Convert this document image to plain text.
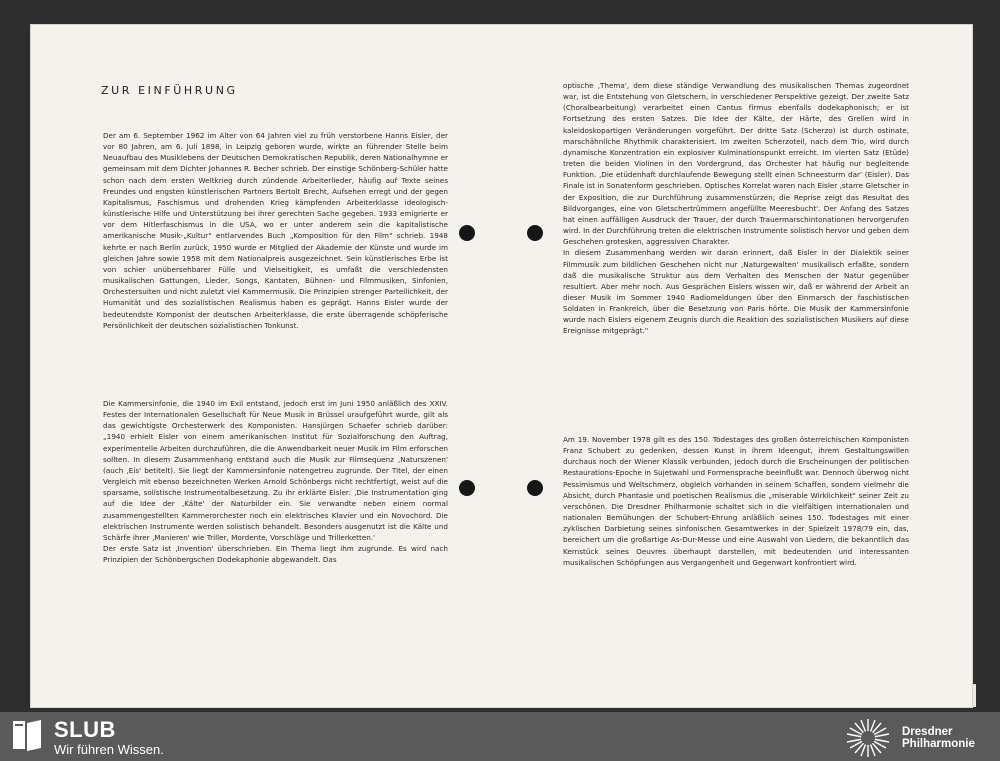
ZUR EINFÜHRUNG
Der am 6. September 1962 im Alter von 64 Jahren viel zu früh verstorbene Hanns Eisler, der vor 80 Jahren, am 6. Juli 1898, in Leipzig geboren wurde, wirkte an führender Stelle beim Neuaufbau des Musiklebens der Deutschen Demokratischen Republik, deren Nationalhymne er gemeinsam mit dem Dichter Johannes R. Becher schrieb. Der einstige Schönberg-Schüler hatte schon nach dem ersten Weltkrieg durch zündende Arbeiterlieder, häufig auf Texte seines Freundes und engsten künstlerischen Partners Bertolt Brecht, Aufsehen erregt und der gegen Kapitalismus, Faschismus und drohenden Krieg kämpfenden Arbeiterklasse ideologisch-künstlerische Hilfe und Unterstützung bei ihrer gerechten Sache gegeben. 1933 emigrierte er vor dem Hitlerfaschismus in die USA, wo er unter anderem sein die kapitalistische amerikanische Musik-„Kultur" entlarvendes Buch „Komposition für den Film" schrieb. 1948 kehrte er nach Berlin zurück, 1950 wurde er Mitglied der Akademie der Künste und wurde im gleichen Jahre sowie 1958 mit dem Nationalpreis ausgezeichnet. Sein künstlerisches Erbe ist von schier unübersehbarer Fülle und Vielseitigkeit, es umfaßt die verschiedensten musikalischen Gattungen, Lieder, Songs, Kantaten, Bühnen- und Filmmusiken, Sinfonien, Orchestersuiten und nicht zuletzt viel Kammermusik. Die Prinzipien strenger Parteilichkeit, der Humanität und des sozialistischen Realismus haben es geprägt. Hanns Eisler wurde der bedeutendste Komponist der deutschen Arbeiterklasse, die erste überragende schöpferische Persönlichkeit der deutschen sozialistischen Tonkunst.
Die Kammersinfonie, die 1940 im Exil entstand, jedoch erst im Juni 1950 anläßlich des XXIV. Festes der Internationalen Gesellschaft für Neue Musik in Brüssel uraufgeführt wurde, gilt als das gewichtigste Orchesterwerk des Komponisten. Hansjürgen Schaefer schrieb darüber: „1940 erhielt Eisler von einem amerikanischen Institut für Sozialforschung den Auftrag, experimentelle Arbeiten durchzuführen, die die Anwendbarkeit neuer Musik im Film erforschen sollten. In diesem Zusammenhang entstand auch die Musik zur Filmsequenz ‚Naturszenen' (auch ‚Eis' betitelt). Sie liegt der Kammersinfonie notengetreu zugrunde. Der Titel, der einen Vergleich mit ebenso bezeichneten Werken Arnold Schönbergs nicht rechtfertigt, weist auf die sparsame, solistische Instrumentalbesetzung. Zu ihr erklärte Eisler: ‚Die Instrumentation ging auf die Idee der ‚Kälte' der Naturbilder ein. Sie verwandte neben einem normal zusammengestellten Kammerorchester noch ein elektrisches Klavier und ein Novochord. Die elektrischen Instrumente werden solistisch behandelt. Besonders ausgenutzt ist die Kälte und Schärfe ihrer ‚Manieren' wie Triller, Mordente, Vorschläge und Trillerketten.'
Der erste Satz ist ‚Invention' überschrieben. Ein Thema liegt ihm zugrunde. Es wird nach Prinzipien der Schönbergschen Dodekaphonie abgewandelt. Das
optische ‚Thema', dem diese ständige Verwandlung des musikalischen Themas zugeordnet war, ist die Entstehung von Gletschern, in verschiedener Perspektive gezeigt. Der zweite Satz (Choralbearbeitung) verarbeitet einen Cantus firmus ebenfalls dodekaphonisch; er ist Fortsetzung des ersten Satzes. Die Idee der Kälte, der Härte, des Grellen wird in kaleidoskopartigen Veränderungen vorgeführt. Der dritte Satz (Scherzo) ist durch ostinate, marschähnliche Rhythmik charakterisiert. Im zweiten Scherzoteil, nach dem Trio, wird durch dynamische Konzentration ein explosiver Kulminationspunkt erreicht. Im vierten Satz (Etüde) treten die beiden Violinen in den Vordergrund, das Orchester hat häufig nur begleitende Funktion. ‚Die etüdenhaft durchlaufende Bewegung stellt einen Schneesturm dar' (Eisler). Das Finale ist in Sonatenform geschrieben. Optisches Korrelat waren nach Eisler ‚starre Gletscher in der Exposition, die zur Durchführung zusammenstürzen; die Reprise zeigt das Resultat des Bildvorganges, eine von Gletschertrümmern angefüllte Meeresbucht'. Der Anfang des Satzes hat einen auffälligen Ausdruck der Trauer, der durch Trauermarschintonationen hervorgerufen wird. In der Durchführung treten die elektrischen Instrumente solistisch hervor und geben dem Geschehen grotesken, aggressiven Charakter.
In diesem Zusammenhang werden wir daran erinnert, daß Eisler in der Dialektik seiner Filmmusik zum bildlichen Geschehen nicht nur ‚Naturgewalten' musikalisch erfaßte, sondern daß die musikalische Struktur aus dem Verhalten des Menschen der Natur gegenüber resultiert. Aber mehr noch. Aus Gesprächen Eislers wissen wir, daß er während der Arbeit an dieser Musik im Sommer 1940 Radiomeldungen über den Einmarsch der faschistischen Soldaten in Frankreich, über die Besetzung von Paris hörte. Die Musik der Kammersinfonie wurde nach Eislers eigenem Zeugnis durch die Reaktion des sozialistischen Musikers auf diese Ereignisse mitgeprägt."
Am 19. November 1978 gilt es des 150. Todestages des großen österreichischen Komponisten Franz Schubert zu gedenken, dessen Kunst in ihrem Ideengut, ihrem Gestaltungswillen durchaus noch der Wiener Klassik verbunden, jedoch durch die Erscheinungen der politischen Restaurations-Epoche in Sujetwahl und Formensprache beeinflußt war. Dennoch überwog nicht Pessimismus und Weltschmerz, obgleich vorhanden in seinem Schaffen, sondern vielmehr die Absicht, durch Phantasie und poetischen Realismus die „miserable Wirklichkeit" seiner Zeit zu verschönen. Die Dresdner Philharmonie schaltet sich in die vielfältigen internationalen und nationalen Bemühungen der Schubert-Ehrung anläßlich seines 150. Todestages mit einer zyklischen Darbietung seines sinfonischen Gesamtwerkes in der Spielzeit 1978/79 ein, das, bereichert um die großartige As-Dur-Messe und eine Auswahl von Liedern, die bekanntlich das Kernstück seines Oeuvres überhaupt darstellen, mit bedeutenden und interessanten musikalischen Schöpfungen aus Vergangenheit und Gegenwart konfrontiert wird.
SLUB
Wir führen Wissen.
Dresdner
Philharmonie
